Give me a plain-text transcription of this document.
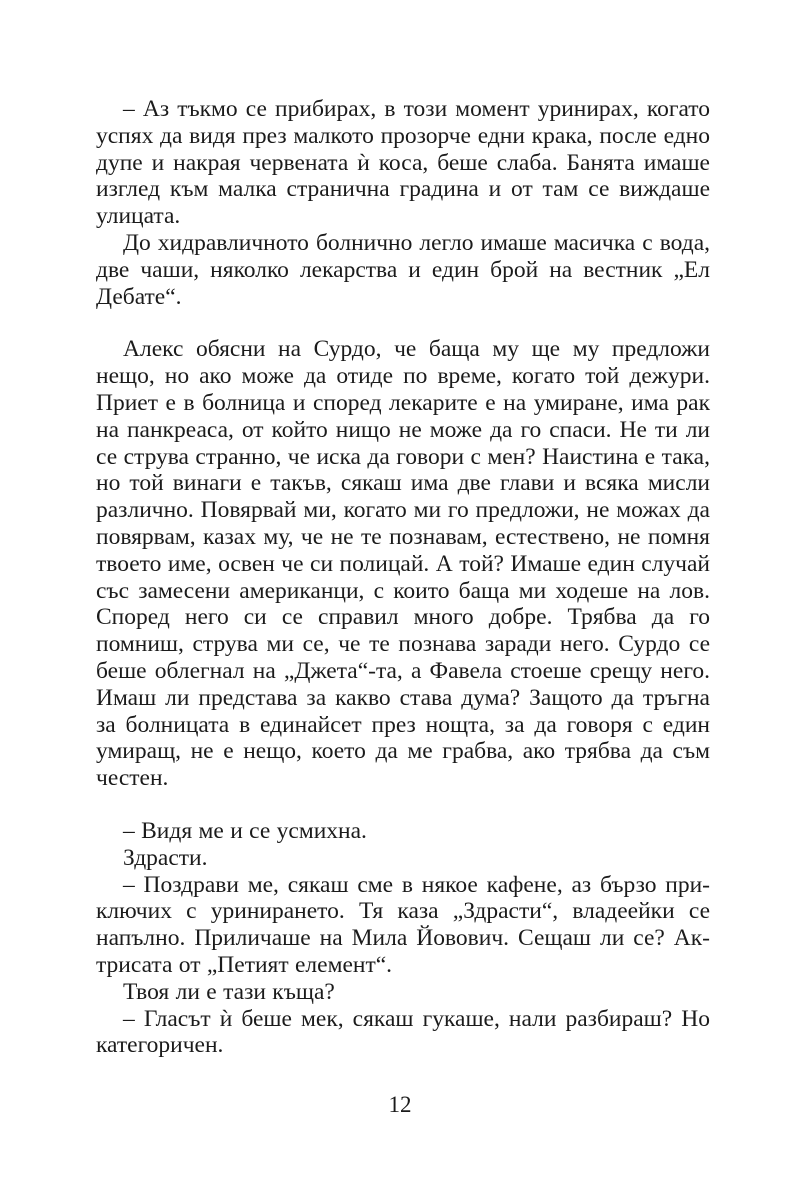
– Аз тъкмо се прибирах, в този момент уринирах, когато успях да видя през малкото прозорче едни крака, после едно дупе и накрая червената ѝ коса, беше слаба. Банята имаше изглед към малка странична градина и от там се виждаше улицата.

До хидравличното болнично легло имаше масичка с вода, две чаши, няколко лекарства и един брой на вестник „Ел Дебате“.

Алекс обясни на Сурдо, че баща му ще му предложи нещо, но ако може да отиде по време, когато той дежури. Приет е в болница и според лекарите е на умиране, има рак на панкреаса, от който нищо не може да го спаси. Не ти ли се струва странно, че иска да говори с мен? Наистина е така, но той винаги е такъв, сякаш има две глави и всяка мисли различно. Повярвай ми, когато ми го предложи, не можах да повярвам, казах му, че не те познавам, естествено, не помня твоето име, освен че си полицай. А той? Имаше един случай със замесени американци, с които баща ми ходеше на лов. Според него си се справил много добре. Трябва да го помниш, струва ми се, че те познава заради него. Сурдо се беше облегнал на „Джета“-та, а Фавела стоеше срещу него. Имаш ли представа за какво става дума? Защото да тръгна за болницата в единайсет през нощта, за да говоря с един умиращ, не е нещо, което да ме грабва, ако трябва да съм честен.

– Видя ме и се усмихна.

Здрасти.

– Поздрави ме, сякаш сме в някое кафене, аз бързо приключих с уринирането. Тя каза „Здрасти“, владеейки се напълно. Приличаше на Мила Йовович. Сещаш ли се? Актрисата от „Петият елемент“.

Твоя ли е тази къща?

– Гласът ѝ беше мек, сякаш гукаше, нали разбираш? Но категоричен.

12
